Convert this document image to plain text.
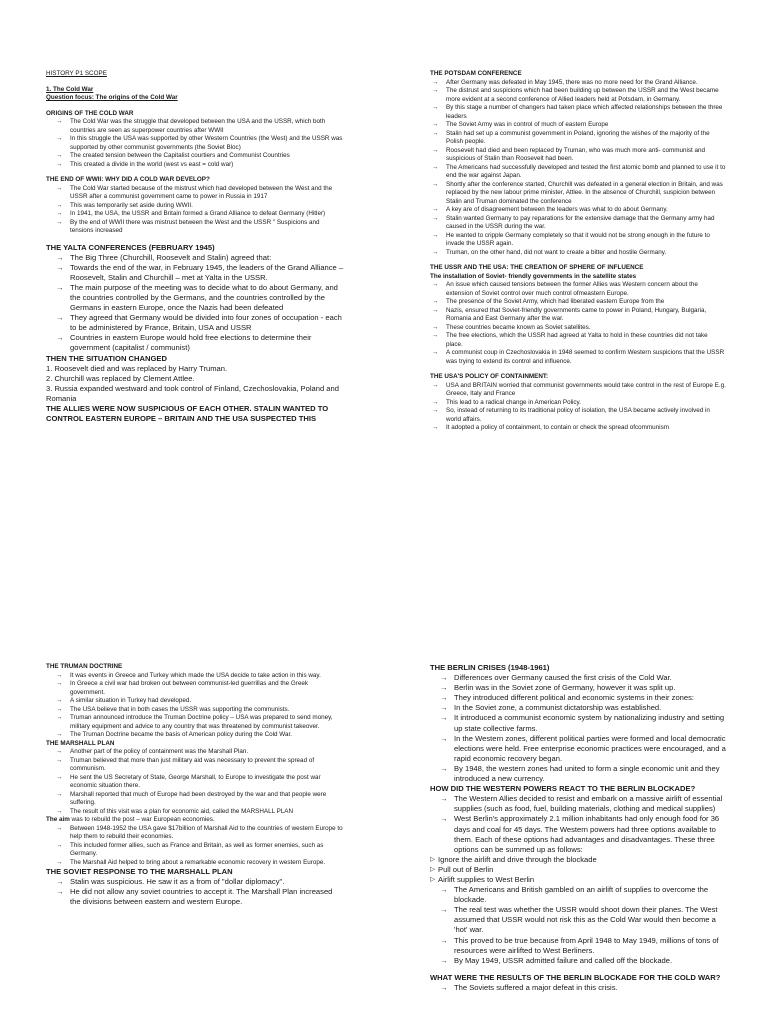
HISTORY P1 SCOPE

1. The Cold War

Question focus: The origins of the Cold War

ORIGINS OF THE COLD WAR

→ The Cold War was the struggle that developed between the USA and the USSR, which both countries are seen as superpower countries after WWII
→ In this struggle the USA was supported by other Western Countries (the West) and the USSR was supported by other communist governments (the Soviet Bloc)
→ The created tension between the Capitalist courtiers and Communist Countries
→ This created a divide in the world (west vs east = cold war)

THE END OF WWII: WHY DID A COLD WAR DEVELOP?

→ The Cold War started because of the mistrust which had developed between the West and the USSR after a communist government came to power in Russia in 1917
→ This was temporarily set aside during WWII.
→ In 1941, the USA, the USSR and Britain formed a Grand Alliance to defeat Germany (Hitler)
→ By the end of WWII there was mistrust between the West and the USSR " Suspicions and tensions increased

THE YALTA CONFERENCES (FEBRUARY 1945)

→ The Big Three (Churchill, Roosevelt and Stalin) agreed that:
→ Towards the end of the war, in February 1945, the leaders of the Grand Alliance – Roosevelt, Stalin and Churchill – met at Yalta in the USSR.
→ The main purpose of the meeting was to decide what to do about Germany, and the countries controlled by the Germans, and the countries controlled by the Germans in eastern Europe, once the Nazis had been defeated
→ They agreed that Germany would be divided into four zones of occupation - each to be administered by France, Britain, USA and USSR
→ Countries in eastern Europe would hold free elections to determine their government (capitalist / communist)

THEN THE SITUATION CHANGED

1. Roosevelt died and was replaced by Harry Truman.
2. Churchill was replaced by Clement Attlee.
3. Russia expanded westward and took control of Finland, Czechoslovakia, Poland and Romania

THE ALLIES WERE NOW SUSPICIOUS OF EACH OTHER. STALIN WANTED TO CONTROL EASTERN EUROPE – BRITAIN AND THE USA SUSPECTED THIS

THE POTSDAM CONFERENCE

→ After Germany was defeated in May 1945, there was no more need for the Grand Alliance.
→ The distrust and suspicions which had been building up between the USSR and the West became more evident at a second conference of Allied leaders held at Potsdam, in Germany.
→ By this stage a number of changers had taken place which affected relationships between the three leaders
→ The Soviet Army was in control of much of eastern Europe
→ Stalin had set up a communist government in Poland, ignoring the wishes of the majority of the Polish people.
→ Roosevelt had died and been replaced by Truman, who was much more anti- communist and suspicious of Stalin than Roosevelt had been.
→ The Americans had successfully developed and tested the first atomic bomb and planned to use it to end the war against Japan.
→ Shortly after the conference started, Churchill was defeated in a general election in Britain, and was replaced by the new labour prime minister, Attlee. In the absence of Churchill, suspicion between Stalin and Truman dominated the conference
→ A key are of disagreement between the leaders was what to do about Germany.
→ Stalin wanted Germany to pay reparations for the extensive damage that the Germany army had caused in the USSR during the war.
→ He wanted to cripple Germany completely so that it would not be strong enough in the future to invade the USSR again.
→ Truman, on the other hand, did not want to create a bitter and hostile Germany.

THE USSR AND THE USA: THE CREATION OF SPHERE OF INFLUENCE

The installation of Soviet- friendly governments in the satellite states

→ An issue which caused tensions between the former Allies was Western concern about the extension of Soviet control over much control ofmeastern Europe.
→ The presence of the Soviet Army, which had liberated eastern Europe from the
→ Nazis, ensured that Soviet-friendly governments came to power in Poland, Hungary, Bulgaria, Romania and East Germany after the war.
→ These countries became known as Soviet satellites.
→ The free elections, which the USSR had agreed at Yalta to hold in these countries did not take place.
→ A communist coup in Czechoslovakia in 1948 seemed to confirm Western suspicions that the USSR was trying to extend its control and influence.

THE USA'S POLICY OF CONTAINMENT:

→ USA and BRITAIN worried that communist governments would take control in the rest of Europe E.g. Greece, Italy and France
→ This lead to a radical change in American Policy.
→ So, instead of returning to its traditional policy of isolation, the USA became actively involved in world affairs.
→ It adopted a policy of containment, to contain or check the spread ofcommunism

THE TRUMAN DOCTRINE

→ It was events in Greece and Turkey which made the USA decide to take action in this way.
→ In Greece a civil war had broken out between communist-led guerrillas and the Greek government.
→ A similar situation in Turkey had developed.
→ The USA believe that in both cases the USSR was supporting the communists.
→ Truman announced introduce the Truman Doctrine policy – USA was prepared to send money, military equipment and advice to any country that was threatened by communist takeover.
→ The Truman Doctrine became the basis of American policy during the Cold War.

THE MARSHALL PLAN

→ Another part of the policy of containment was the Marshall Plan.
→ Truman believed that more than just military aid was necessary to prevent the spread of communism.
→ He sent the US Secretary of State, George Marshall, to Europe to investigate the post war economic situation there.
→ Marshall reported that much of Europe had been destroyed by the war and that people were suffering.
→ The result of this visit was a plan for economic aid, called the MARSHALL PLAN

The aim was to rebuild the post – war European economies.

→ Between 1948-1952 the USA gave $17billion of Marshall Aid to the countries of western Europe to help them to rebuild their economies.
→ This included former allies, such as France and Britain, as well as former enemies, such as Germany.
→ The Marshall Aid helped to bring about a remarkable economic recovery in western Europe.

THE SOVIET RESPONSE TO THE MARSHALL PLAN

→ Stalin was suspicious. He saw it as a from of "dollar diplomacy".
→ He did not allow any soviet countries to accept it. The Marshall Plan increased the divisions between eastern and western Europe.

THE BERLIN CRISES (1948-1961)

→ Differences over Germany caused the first crisis of the Cold War.
→ Berlin was in the Soviet zone of Germany, however it was split up.
→ They introduced different political and economic systems in their zones:
→ In the Soviet zone, a communist dictatorship was established.
→ It introduced a communist economic system by nationalizing industry and setting up state collective farms.
→ In the Western zones, different political parties were formed and local democratic elections were held. Free enterprise economic practices were encouraged, and a rapid economic recovery began.
→ By 1948, the western zones had united to form a single economic unit and they introduced a new currency.

HOW DID THE WESTERN POWERS REACT TO THE BERLIN BLOCKADE?

→ The Western Allies decided to resist and embark on a massive airlift of essential supplies (such as food, fuel, building materials, clothing and medical supplies)
→ West Berlin's approximately 2.1 million inhabitants had only enough food for 36 days and coal for 45 days. The Western powers had three options available to them. Each of these options had advantages and disadvantages. These three options can be summed up as follows:
▷ Ignore the airlift and drive through the blockade
▷ Pull out of Berlin
▷ Airlift supplies to West Berlin
→ The Americans and British gambled on an airlift of supplies to overcome the blockade.
→ The real test was whether the USSR would shoot down their planes. The West assumed that USSR would not risk this as the Cold War would then become a 'hot' war.
→ This proved to be true because from April 1948 to May 1949, millions of tons of resources were airlifted to West Berliners.
→ By May 1949, USSR admitted failure and called off the blockade.

WHAT WERE THE RESULTS OF THE BERLIN BLOCKADE FOR THE COLD WAR?

→ The Soviets suffered a major defeat in this crisis.
